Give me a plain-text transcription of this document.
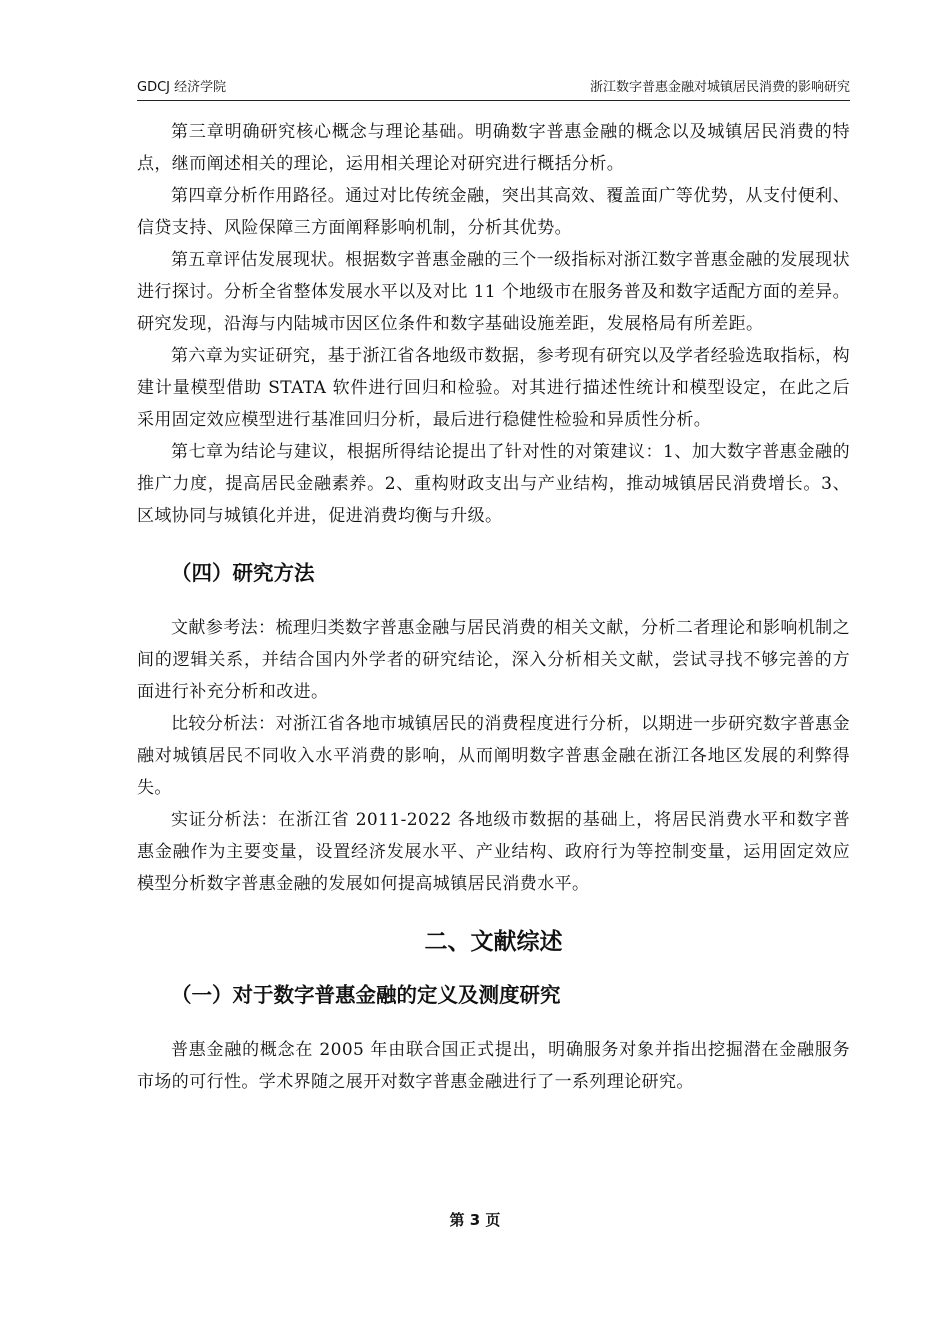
GDCJ 经济学院	浙江数字普惠金融对城镇居民消费的影响研究

第三章明确研究核心概念与理论基础。明确数字普惠金融的概念以及城镇居民消费的特点，继而阐述相关的理论，运用相关理论对研究进行概括分析。

第四章分析作用路径。通过对比传统金融，突出其高效、覆盖面广等优势，从支付便利、信贷支持、风险保障三方面阐释影响机制，分析其优势。

第五章评估发展现状。根据数字普惠金融的三个一级指标对浙江数字普惠金融的发展现状进行探讨。分析全省整体发展水平以及对比 11 个地级市在服务普及和数字适配方面的差异。研究发现，沿海与内陆城市因区位条件和数字基础设施差距，发展格局有所差距。

第六章为实证研究，基于浙江省各地级市数据，参考现有研究以及学者经验选取指标，构建计量模型借助 STATA 软件进行回归和检验。对其进行描述性统计和模型设定，在此之后采用固定效应模型进行基准回归分析，最后进行稳健性检验和异质性分析。

第七章为结论与建议，根据所得结论提出了针对性的对策建议：1、加大数字普惠金融的推广力度，提高居民金融素养。2、重构财政支出与产业结构，推动城镇居民消费增长。3、区域协同与城镇化并进，促进消费均衡与升级。

（四）研究方法

文献参考法：梳理归类数字普惠金融与居民消费的相关文献，分析二者理论和影响机制之间的逻辑关系，并结合国内外学者的研究结论，深入分析相关文献，尝试寻找不够完善的方面进行补充分析和改进。

比较分析法：对浙江省各地市城镇居民的消费程度进行分析，以期进一步研究数字普惠金融对城镇居民不同收入水平消费的影响，从而阐明数字普惠金融在浙江各地区发展的利弊得失。

实证分析法：在浙江省 2011-2022 各地级市数据的基础上，将居民消费水平和数字普惠金融作为主要变量，设置经济发展水平、产业结构、政府行为等控制变量，运用固定效应模型分析数字普惠金融的发展如何提高城镇居民消费水平。

二、文献综述
（一）对于数字普惠金融的定义及测度研究

普惠金融的概念在 2005 年由联合国正式提出，明确服务对象并指出挖掘潜在金融服务市场的可行性。学术界随之展开对数字普惠金融进行了一系列理论研究。

第 3 页
